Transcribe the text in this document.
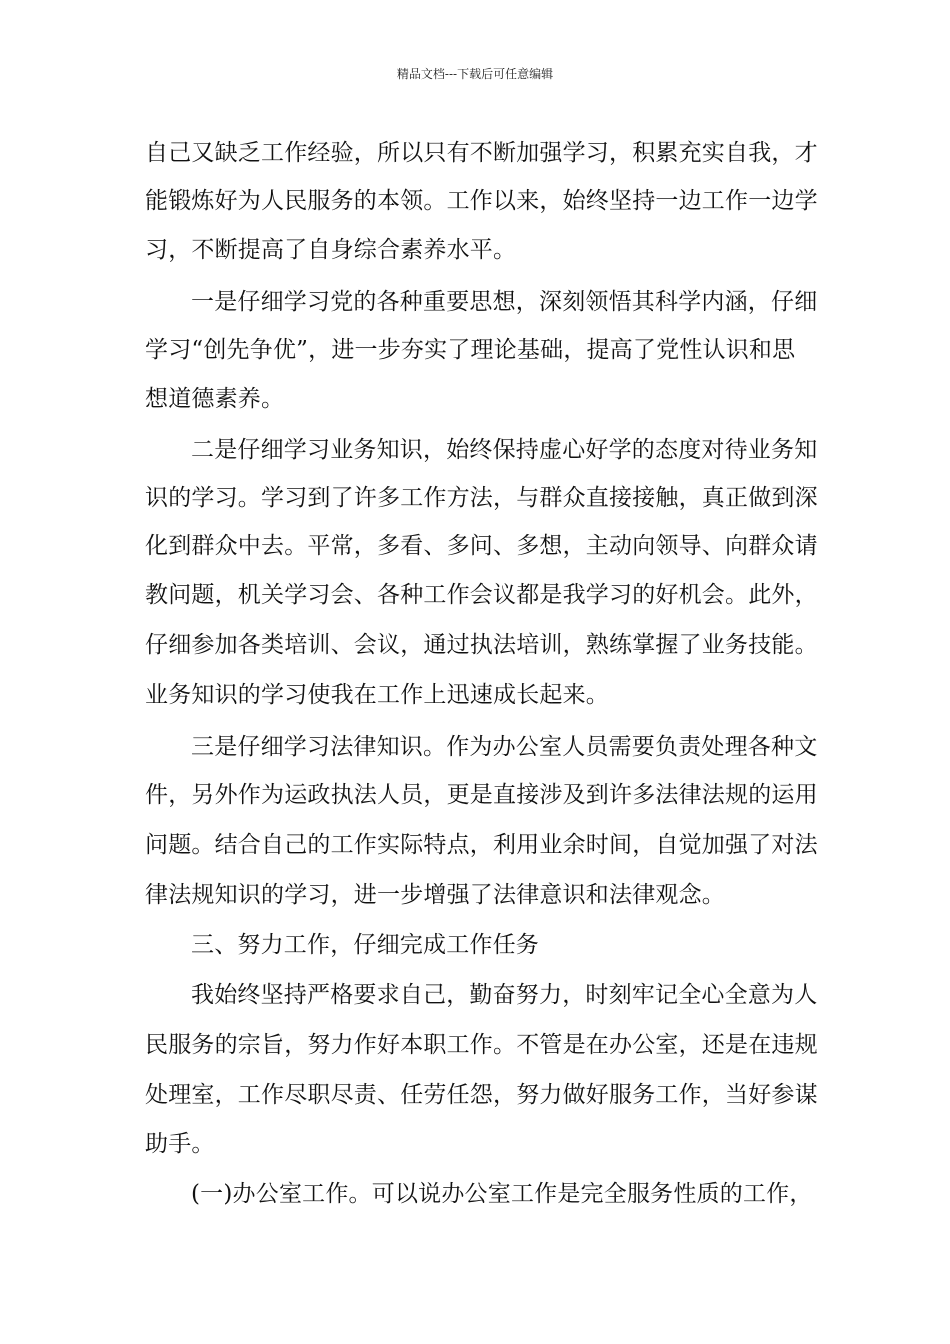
精品文档---下载后可任意编辑
自己又缺乏工作经验，所以只有不断加强学习，积累充实自我，才
能锻炼好为人民服务的本领。工作以来，始终坚持一边工作一边学
习，不断提高了自身综合素养水平。
一是仔细学习党的各种重要思想，深刻领悟其科学内涵，仔细
学习“创先争优”，进一步夯实了理论基础，提高了党性认识和思
想道德素养。
二是仔细学习业务知识，始终保持虚心好学的态度对待业务知
识的学习。学习到了许多工作方法，与群众直接接触，真正做到深
化到群众中去。平常，多看、多问、多想，主动向领导、向群众请
教问题，机关学习会、各种工作会议都是我学习的好机会。此外，
仔细参加各类培训、会议，通过执法培训，熟练掌握了业务技能。
业务知识的学习使我在工作上迅速成长起来。
三是仔细学习法律知识。作为办公室人员需要负责处理各种文
件，另外作为运政执法人员，更是直接涉及到许多法律法规的运用
问题。结合自己的工作实际特点，利用业余时间，自觉加强了对法
律法规知识的学习，进一步增强了法律意识和法律观念。
三、努力工作，仔细完成工作任务
我始终坚持严格要求自己，勤奋努力，时刻牢记全心全意为人
民服务的宗旨，努力作好本职工作。不管是在办公室，还是在违规
处理室，工作尽职尽责、任劳任怨，努力做好服务工作，当好参谋
助手。
(一)办公室工作。可以说办公室工作是完全服务性质的工作，
